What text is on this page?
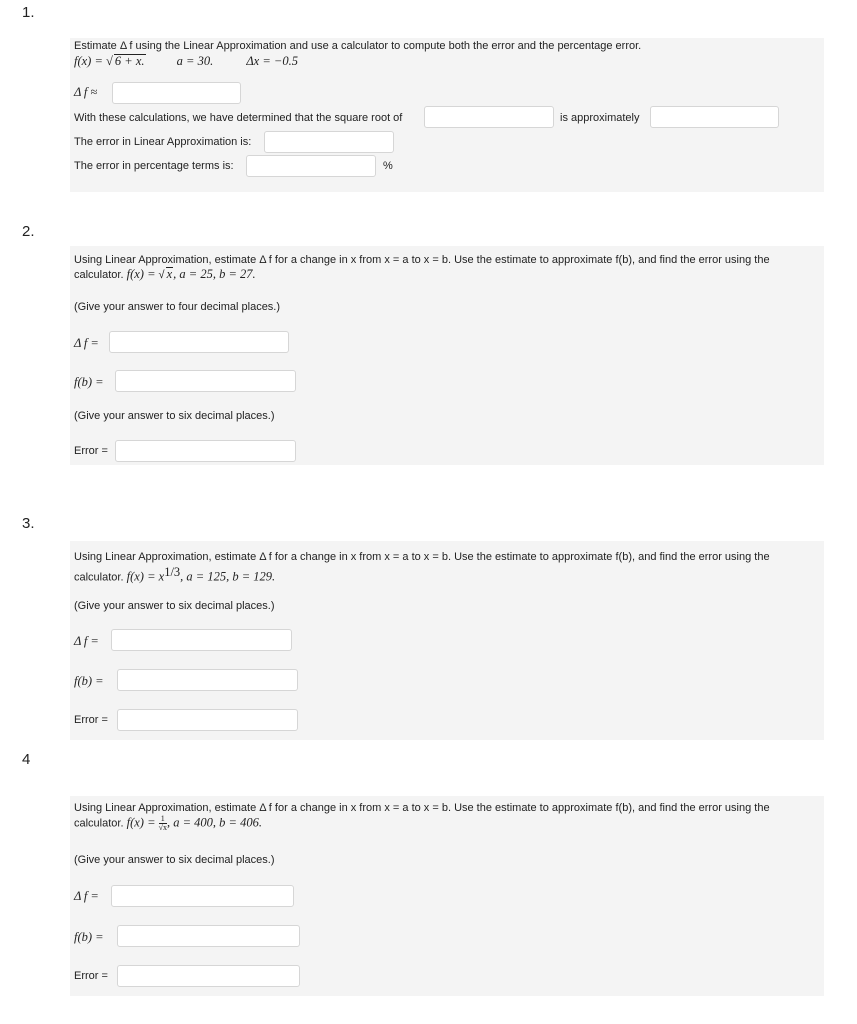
1.
Estimate Δ f using the Linear Approximation and use a calculator to compute both the error and the percentage error.
f(x) = √ 6 + x.	a = 30.	Δx = −0.5
Δ f ≈
With these calculations, we have determined that the square root of	is approximately
The error in Linear Approximation is:
The error in percentage terms is:	%
2.
Using Linear Approximation, estimate Δ f for a change in x from x = a to x = b. Use the estimate to approximate f(b), and find the error using the
calculator. f(x) = √ x, a = 25, b = 27.
(Give your answer to four decimal places.)
Δ f =
f(b) =
(Give your answer to six decimal places.)
Error =
3.
Using Linear Approximation, estimate Δ f for a change in x from x = a to x = b. Use the estimate to approximate f(b), and find the error using the
calculator. $f(x) = x^{1/3}$, a = 125, b = 129.
(Give your answer to six decimal places.)
Δ f =
f(b) =
Error =
4
Using Linear Approximation, estimate Δ f for a change in x from x = a to x = b. Use the estimate to approximate f(b), and find the error using the
calculator. $f(x) = \frac{1}{√x}$ , a = 400, b = 406.
(Give your answer to six decimal places.)
Δ f =
f(b) =
Error =
